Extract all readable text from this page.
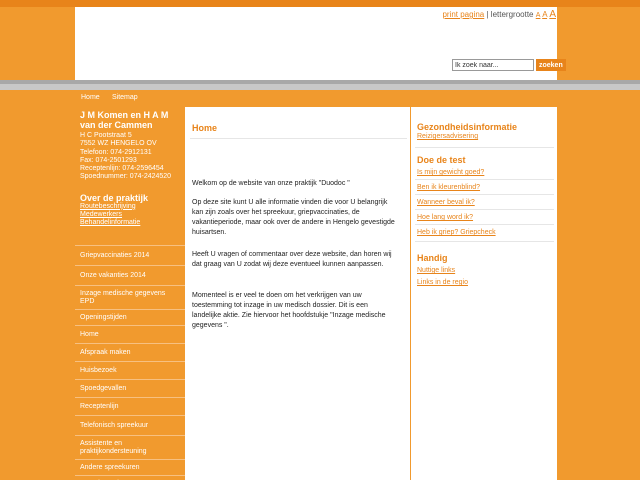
print pagina | lettergrootte A A A
Ik zoek naar...
zoeken
Home Sitemap
J M Komen en H A M van der Cammen
H C Pootstraat 5
7552 WZ HENGELO OV
Telefoon: 074-2912131
Fax: 074-2501293
Receptenlijn: 074-2596454
Spoednummer: 074-2424520
Over de praktijk
Routebeschrijving
Medewerkers
Behandelinformatie
Griepvaccinaties 2014
Onze vakanties 2014
Inzage medische gegevens EPD
Openingstijden
Home
Afspraak maken
Huisbezoek
Spoedgevallen
Receptenlijn
Telefonisch spreekuur
Assistente en praktijkondersteuning
Andere spreekuren
Avond-, nacht- en weekenddienst
Home

Welkom op de website van onze praktijk "Duodoc "

Op deze site kunt U alle informatie vinden die voor U belangrijk kan zijn zoals over het spreekuur, griepvaccinaties, de vakantieperiode, maar ook over de andere in Hengelo gevestigde huisartsen.

Heeft U vragen of commentaar over deze website, dan horen wij dat graag van U zodat wij deze eventueel kunnen aanpassen.

Momenteel is er veel te doen om het verkrijgen van uw toestemming tot inzage in uw medisch dossier. Dit is een landelijke aktie. Zie hiervoor het hoofdstukje "Inzage medische gegevens ".

Gezondheidsinformatie
Reizigersadvisering
Doe de test
Is mijn gewicht goed?
Ben ik kleurenblind?
Wanneer beval ik?
Hoe lang word ik?
Heb ik griep? Griepcheck
Handig
Nuttige links
Links in de regio
